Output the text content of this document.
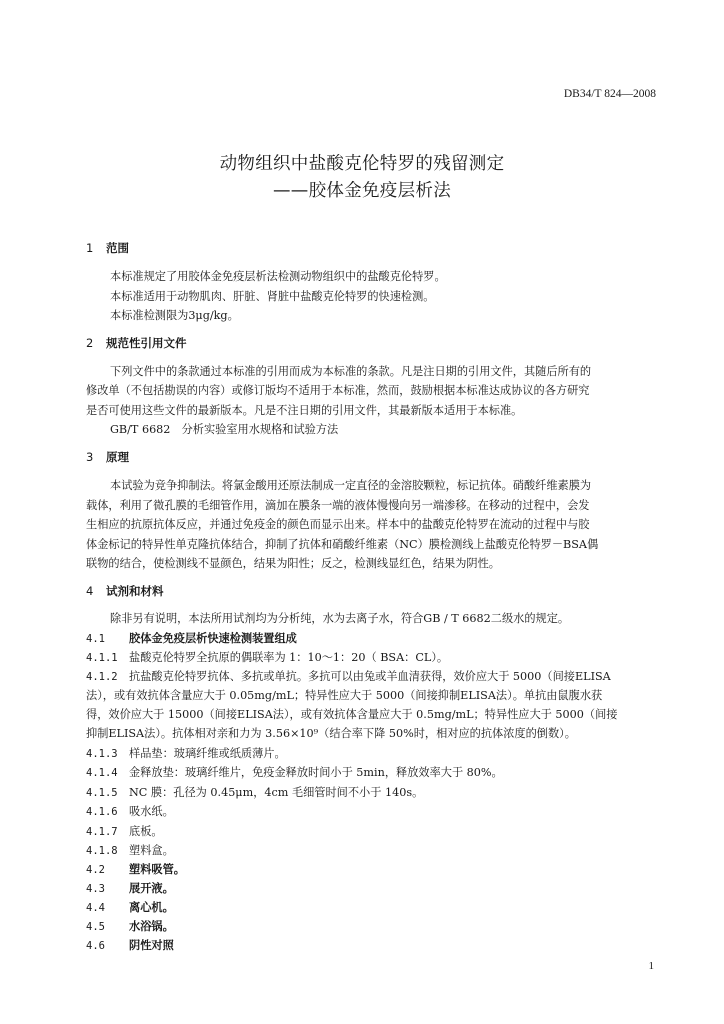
DB34/T 824—2008
动物组织中盐酸克伦特罗的残留测定
——胶体金免疫层析法
1 范围
本标准规定了用胶体金免疫层析法检测动物组织中的盐酸克伦特罗。
本标准适用于动物肌肉、肝脏、肾脏中盐酸克伦特罗的快速检测。
本标准检测限为3μg/kg。
2 规范性引用文件
下列文件中的条款通过本标准的引用而成为本标准的条款。凡是注日期的引用文件，其随后所有的
修改单（不包括勘误的内容）或修订版均不适用于本标准，然而，鼓励根据本标准达成协议的各方研究
是否可使用这些文件的最新版本。凡是不注日期的引用文件，其最新版本适用于本标准。
GB/T 6682　分析实验室用水规格和试验方法
3 原理
本试验为竞争抑制法。将氯金酸用还原法制成一定直径的金溶胶颗粒，标记抗体。硝酸纤维素膜为
载体，利用了微孔膜的毛细管作用，滴加在膜条一端的液体慢慢向另一端渗移。在移动的过程中，会发
生相应的抗原抗体反应，并通过免疫金的颜色而显示出来。样本中的盐酸克伦特罗在流动的过程中与胶
体金标记的特异性单克隆抗体结合，抑制了抗体和硝酸纤维素（NC）膜检测线上盐酸克伦特罗－BSA偶
联物的结合，使检测线不显颜色，结果为阳性；反之，检测线显红色，结果为阴性。
4 试剂和材料
除非另有说明，本法所用试剂均为分析纯，水为去离子水，符合GB / T 6682二级水的规定。
4.1 胶体金免疫层析快速检测装置组成
4.1.1 盐酸克伦特罗全抗原的偶联率为 1：10～1：20（ BSA：CL）。
4.1.2 抗盐酸克伦特罗抗体、多抗或单抗。多抗可以由兔或羊血清获得，效价应大于 5000（间接ELISA
法），或有效抗体含量应大于 0.05mg/mL；特异性应大于 5000（间接抑制ELISA法）。单抗由鼠腹水获
得，效价应大于 15000（间接ELISA法），或有效抗体含量应大于 0.5mg/mL；特异性应大于 5000（间接
抑制ELISA法）。抗体相对亲和力为 3.56×10⁹（结合率下降 50%时，相对应的抗体浓度的倒数）。
4.1.3 样品垫：玻璃纤维或纸质薄片。
4.1.4 金释放垫：玻璃纤维片，免疫金释放时间小于 5min，释放效率大于 80%。
4.1.5 NC 膜：孔径为 0.45μm，4cm 毛细管时间不小于 140s。
4.1.6 吸水纸。
4.1.7 底板。
4.1.8 塑料盒。
4.2 塑料吸管。
4.3 展开液。
4.4 离心机。
4.5 水浴锅。
4.6 阴性对照
1
